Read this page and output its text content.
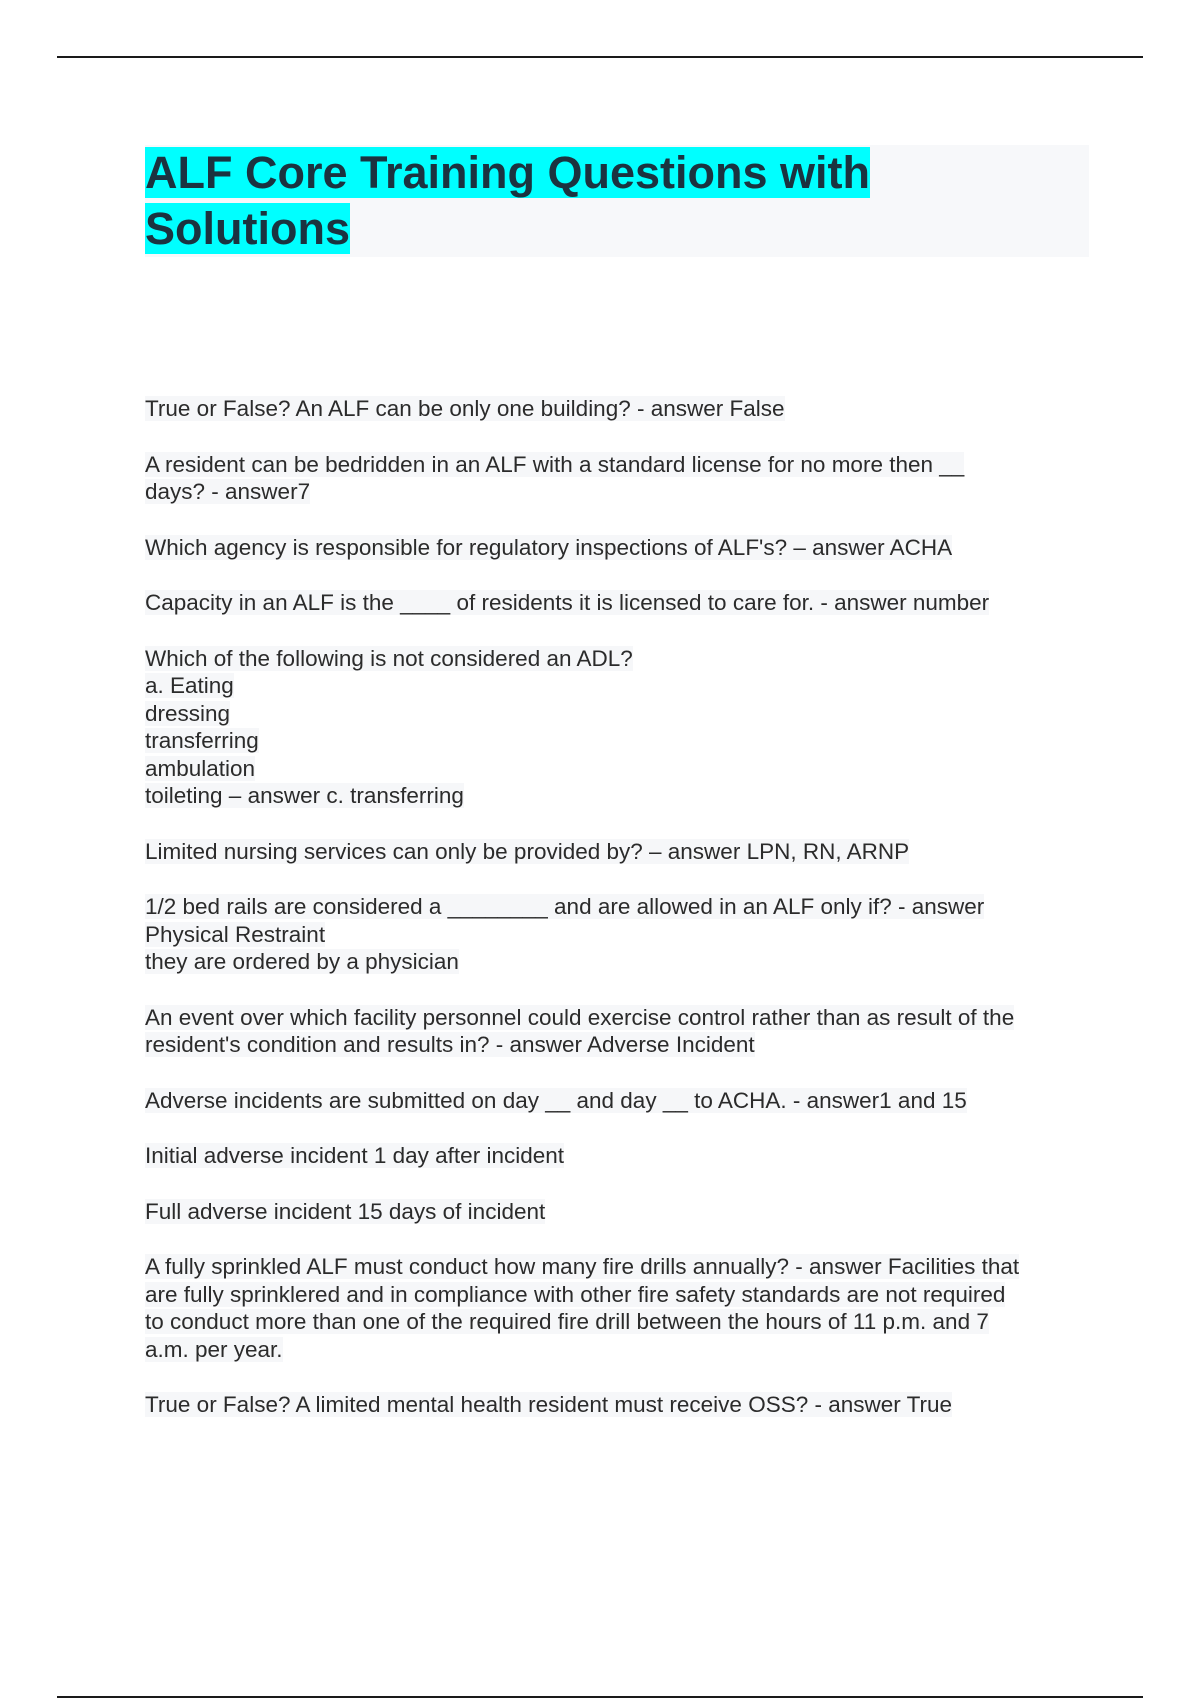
ALF Core Training Questions with
Solutions

True or False? An ALF can be only one building? - answer False

A resident can be bedridden in an ALF with a standard license for no more then __
days? - answer7

Which agency is responsible for regulatory inspections of ALF's? – answer ACHA

Capacity in an ALF is the ____ of residents it is licensed to care for. - answer number

Which of the following is not considered an ADL?
a. Eating
dressing
transferring
ambulation
toileting – answer c. transferring

Limited nursing services can only be provided by? – answer LPN, RN, ARNP

1/2 bed rails are considered a ________ and are allowed in an ALF only if? - answer
Physical Restraint
they are ordered by a physician

An event over which facility personnel could exercise control rather than as result of the
resident's condition and results in? - answer Adverse Incident

Adverse incidents are submitted on day __ and day __ to ACHA. - answer1 and 15

Initial adverse incident 1 day after incident

Full adverse incident 15 days of incident

A fully sprinkled ALF must conduct how many fire drills annually? - answer Facilities that
are fully sprinklered and in compliance with other fire safety standards are not required
to conduct more than one of the required fire drill between the hours of 11 p.m. and 7
a.m. per year.

True or False? A limited mental health resident must receive OSS? - answer True
